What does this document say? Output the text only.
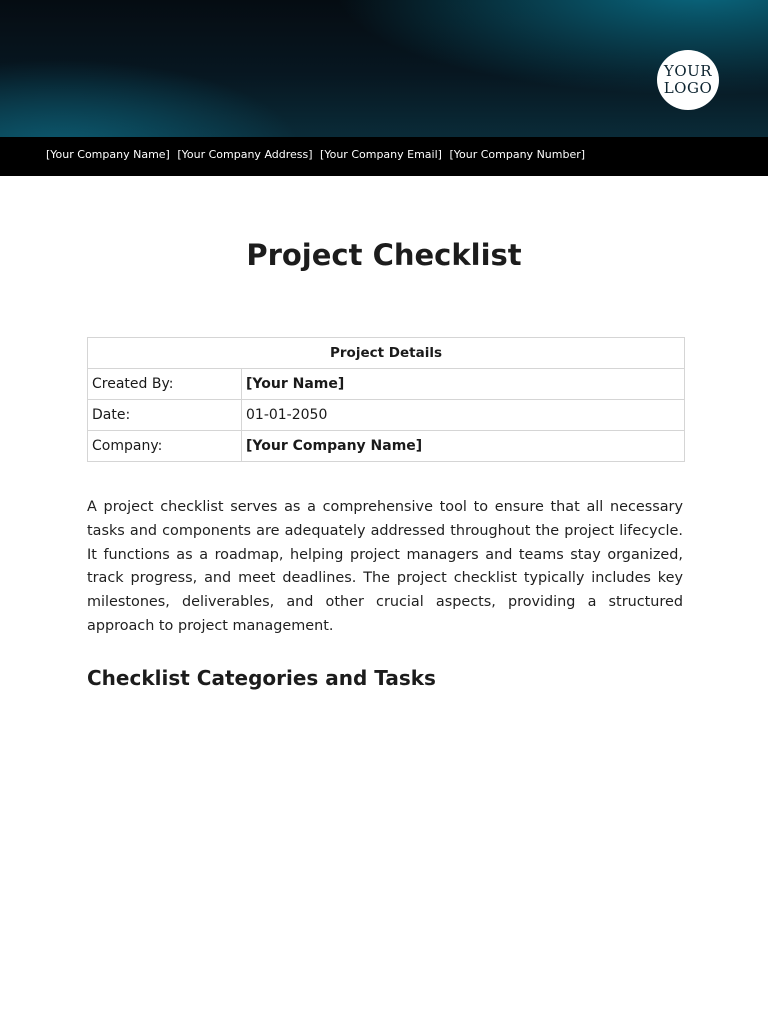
YOUR
LOGO
[Your Company Name] [Your Company Address] [Your Company Email] [Your Company Number]
Project Checklist
Project Details	
Created By:	[Your Name]
Date:	01-01-2050
Company:	[Your Company Name]

A project checklist serves as a comprehensive tool to ensure that all necessary tasks and components are adequately addressed throughout the project lifecycle. It functions as a roadmap, helping project managers and teams stay organized, track progress, and meet deadlines. The project checklist typically includes key milestones, deliverables, and other crucial aspects, providing a structured approach to project management.

Checklist Categories and Tasks
